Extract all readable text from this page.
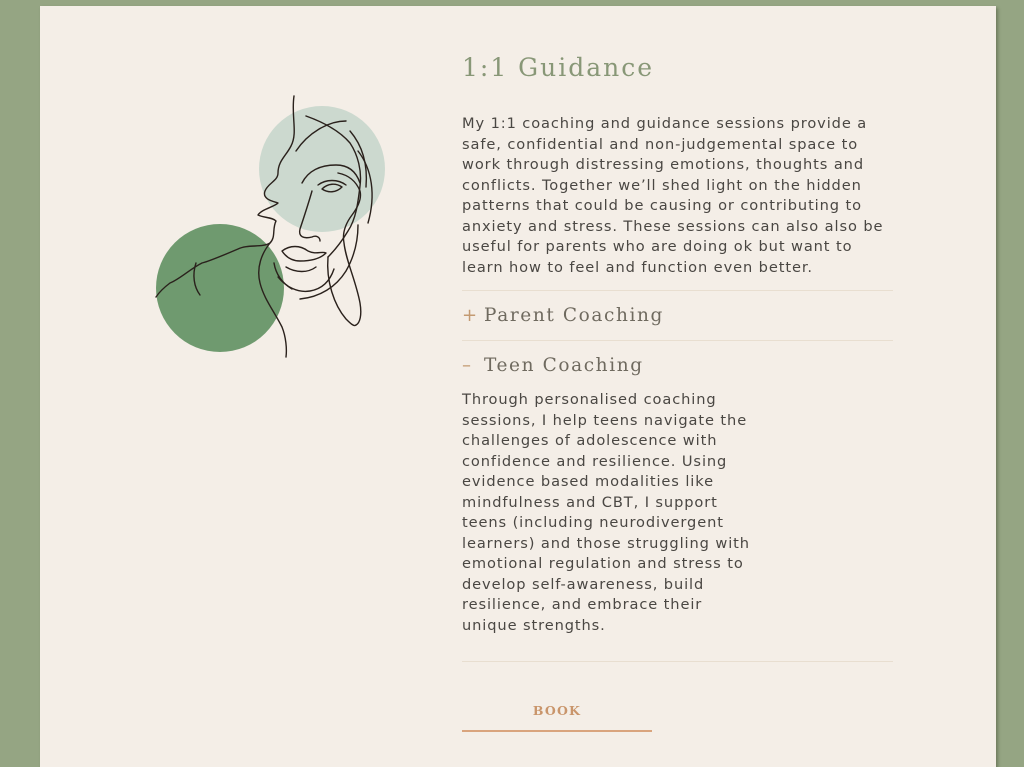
1:1 Guidance

My 1:1 coaching and guidance sessions provide a safe, confidential and non-judgemental space to work through distressing emotions, thoughts and conflicts. Together we’ll shed light on the hidden patterns that could be causing or contributing to anxiety and stress. These sessions can also also be useful for parents who are doing ok but want to learn how to feel and function even better.

+ Parent Coaching
– Teen Coaching
Through personalised coaching sessions, I help teens navigate the challenges of adolescence with confidence and resilience. Using evidence based modalities like mindfulness and CBT, I support teens (including neurodivergent learners) and those struggling with emotional regulation and stress to develop self-awareness, build resilience, and embrace their unique strengths.
BOOK
